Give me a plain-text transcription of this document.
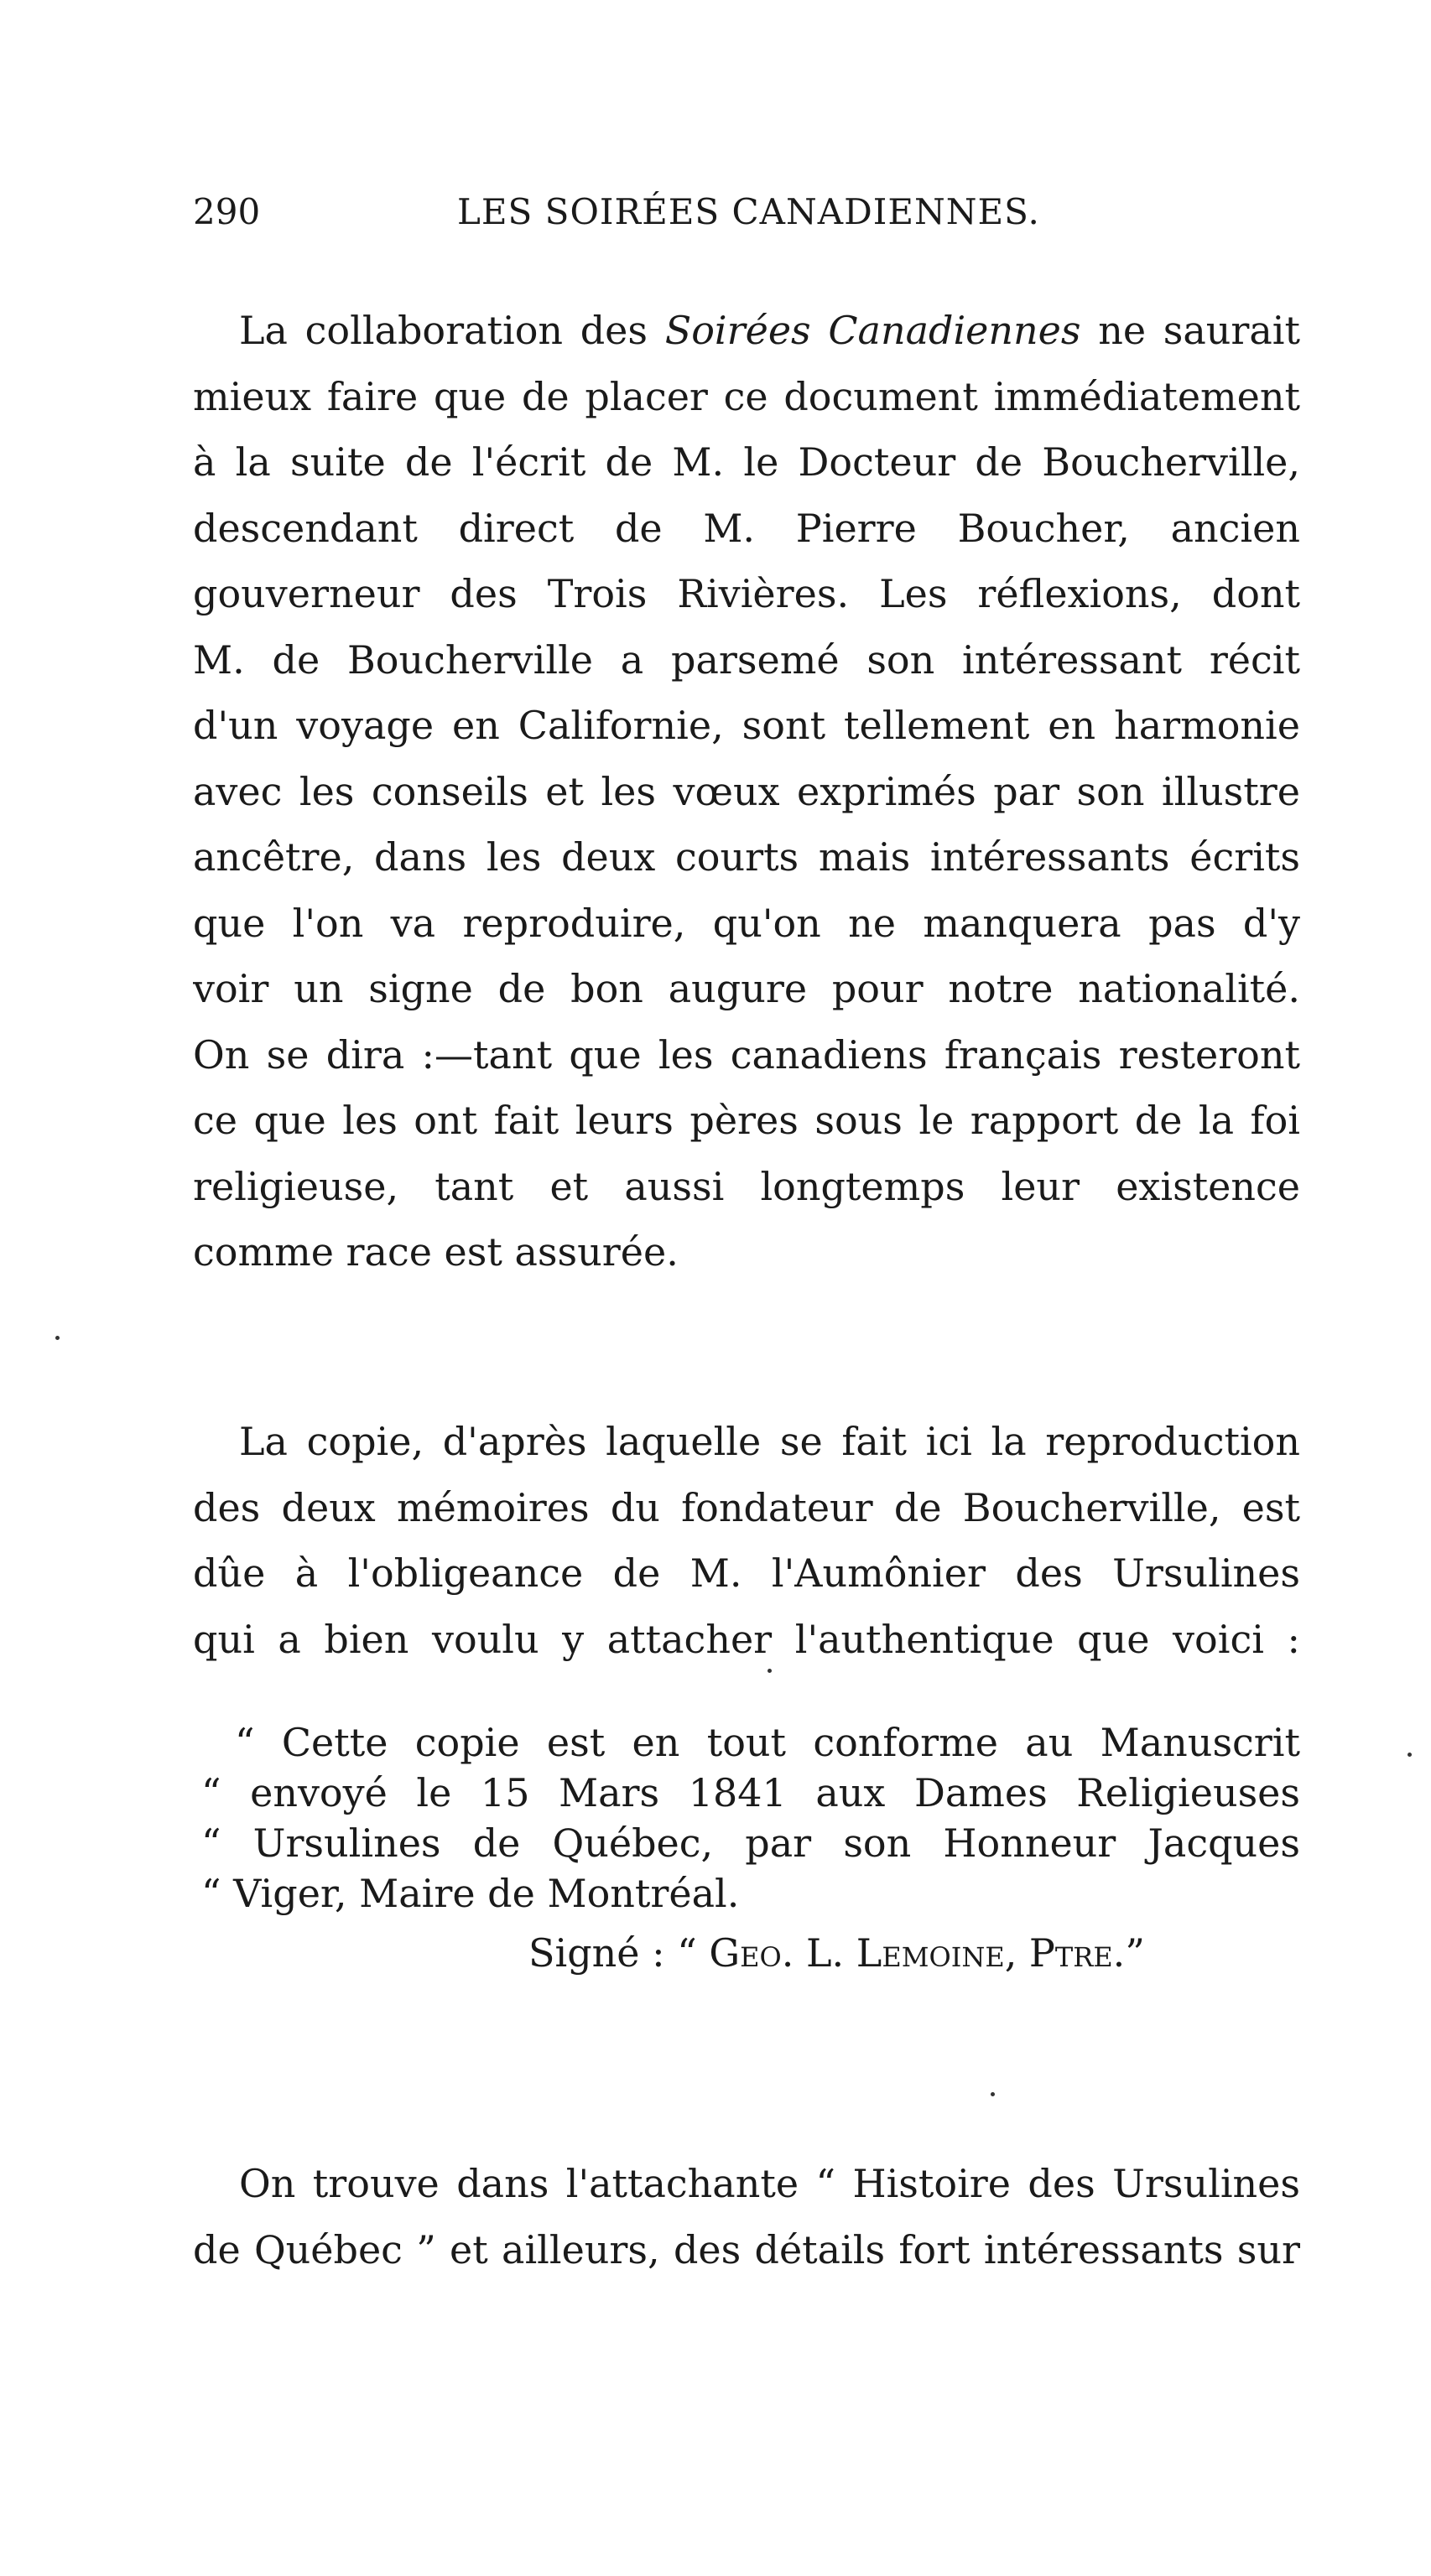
290	LES SOIRÉES CANADIENNES.
La collaboration des Soirées Canadiennes ne saurait
mieux faire que de placer ce document immédiatement
à la suite de l'écrit de M. le Docteur de Boucherville,
descendant direct de M. Pierre Boucher, ancien
gouverneur des Trois Rivières. Les réflexions, dont
M. de Boucherville a parsemé son intéressant récit
d'un voyage en Californie, sont tellement en harmonie
avec les conseils et les vœux exprimés par son illustre
ancêtre, dans les deux courts mais intéressants écrits
que l'on va reproduire, qu'on ne manquera pas d'y
voir un signe de bon augure pour notre nationalité.
On se dira :—tant que les canadiens français resteront
ce que les ont fait leurs pères sous le rapport de la foi
religieuse, tant et aussi longtemps leur existence
comme race est assurée.
La copie, d'après laquelle se fait ici la reproduction
des deux mémoires du fondateur de Boucherville, est
dûe à l'obligeance de M. l'Aumônier des Ursulines
qui a bien voulu y attacher l'authentique que voici :
“ Cette copie est en tout conforme au Manuscrit
“ envoyé le 15 Mars 1841 aux Dames Religieuses
“ Ursulines de Québec, par son Honneur Jacques
“ Viger, Maire de Montréal.
Signé : “ Geo. L. Lemoine, Ptre.”
On trouve dans l'attachante “ Histoire des Ursulines
de Québec ” et ailleurs, des détails fort intéressants sur
